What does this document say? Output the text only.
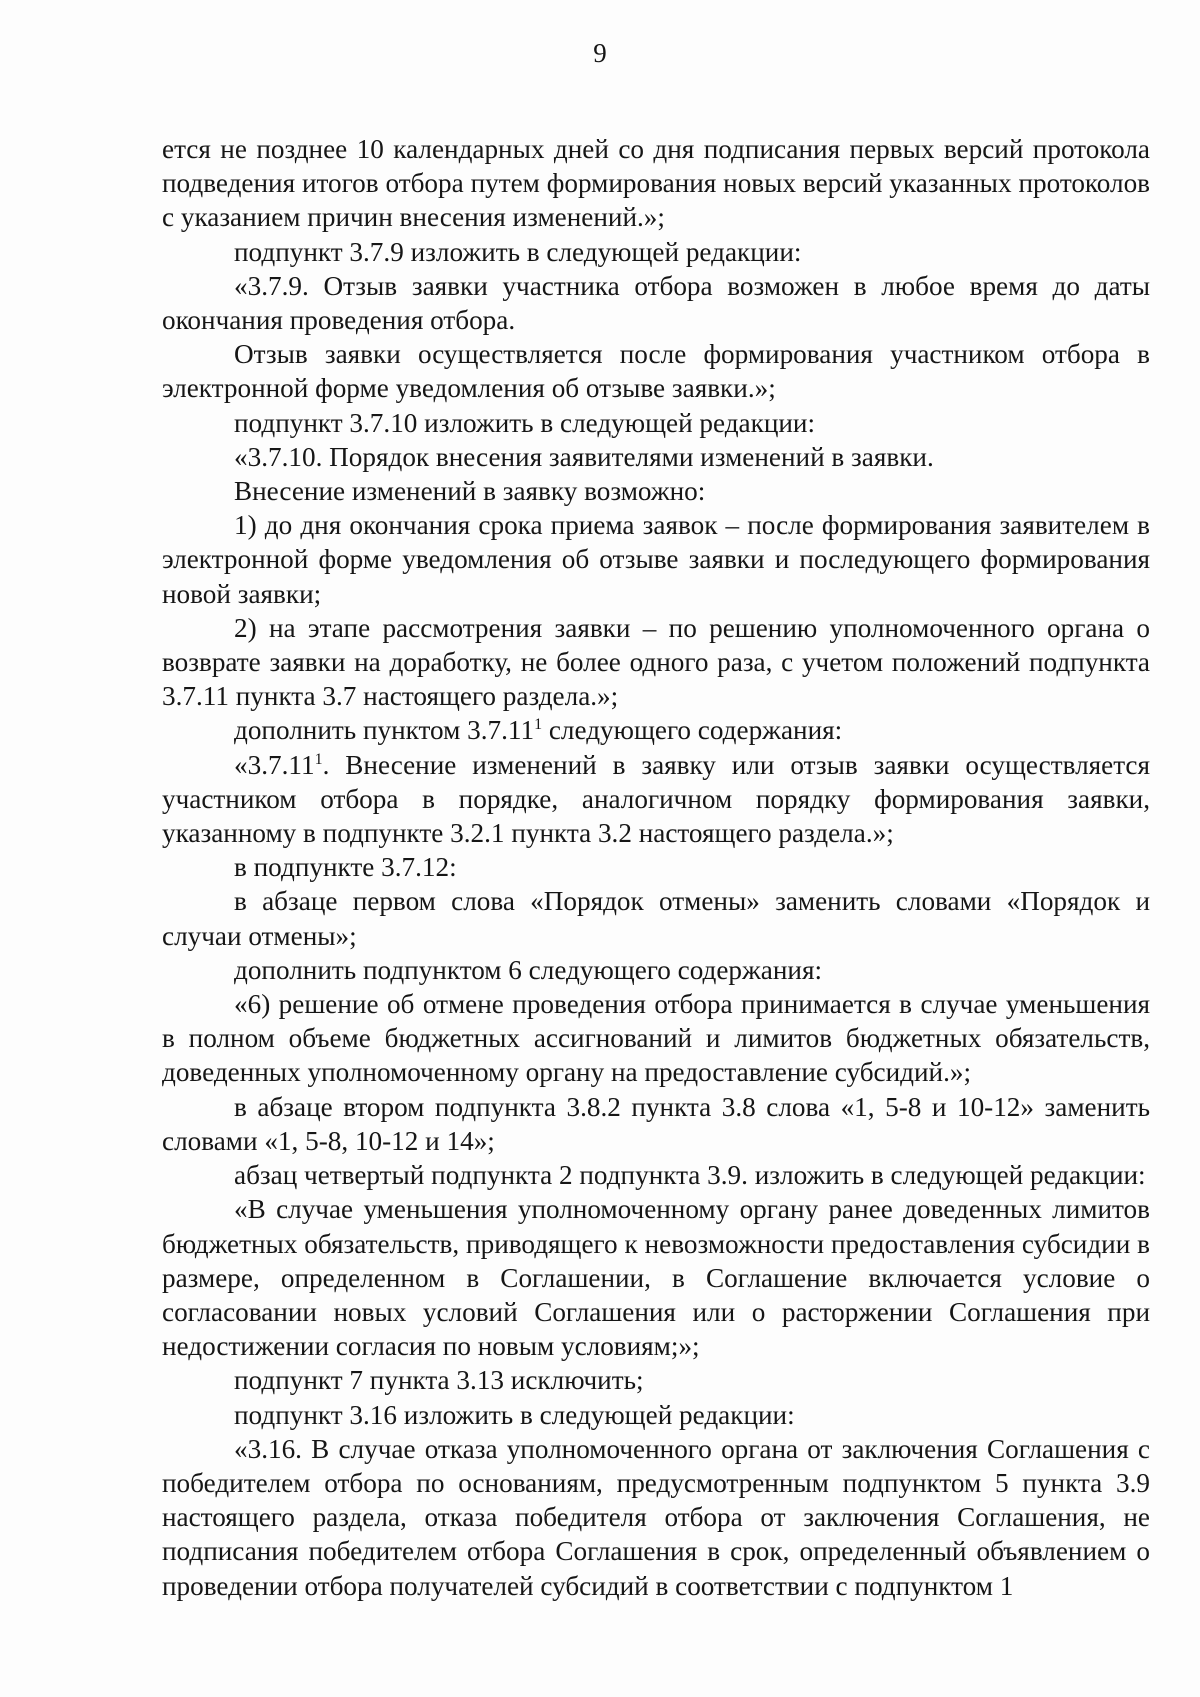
9

ется не позднее 10 календарных дней со дня подписания первых версий протокола подведения итогов отбора путем формирования новых версий указанных протоколов с указанием причин внесения изменений.»;

подпункт 3.7.9 изложить в следующей редакции:

«3.7.9. Отзыв заявки участника отбора возможен в любое время до даты окончания проведения отбора.

Отзыв заявки осуществляется после формирования участником отбора в электронной форме уведомления об отзыве заявки.»;

подпункт 3.7.10 изложить в следующей редакции:

«3.7.10. Порядок внесения заявителями изменений в заявки.

Внесение изменений в заявку возможно:

1) до дня окончания срока приема заявок – после формирования заявителем в электронной форме уведомления об отзыве заявки и последующего формирования новой заявки;

2) на этапе рассмотрения заявки – по решению уполномоченного органа о возврате заявки на доработку, не более одного раза, с учетом положений подпункта 3.7.11 пункта 3.7 настоящего раздела.»;

дополнить пунктом 3.7.11$^1$ следующего содержания:

«3.7.11$^1$. Внесение изменений в заявку или отзыв заявки осуществляется участником отбора в порядке, аналогичном порядку формирования заявки, указанному в подпункте 3.2.1 пункта 3.2 настоящего раздела.»;

в подпункте 3.7.12:

в абзаце первом слова «Порядок отмены» заменить словами «Порядок и случаи отмены»;

дополнить подпунктом 6 следующего содержания:

«6) решение об отмене проведения отбора принимается в случае уменьшения в полном объеме бюджетных ассигнований и лимитов бюджетных обязательств, доведенных уполномоченному органу на предоставление субсидий.»;

в абзаце втором подпункта 3.8.2 пункта 3.8 слова «1, 5-8 и 10-12» заменить словами «1, 5-8, 10-12 и 14»;

абзац четвертый подпункта 2 подпункта 3.9. изложить в следующей редакции:

«В случае уменьшения уполномоченному органу ранее доведенных лимитов бюджетных обязательств, приводящего к невозможности предоставления субсидии в размере, определенном в Соглашении, в Соглашение включается условие о согласовании новых условий Соглашения или о расторжении Соглашения при недостижении согласия по новым условиям;»;

подпункт 7 пункта 3.13 исключить;

подпункт 3.16 изложить в следующей редакции:

«3.16. В случае отказа уполномоченного органа от заключения Соглашения с победителем отбора по основаниям, предусмотренным подпунктом 5 пункта 3.9 настоящего раздела, отказа победителя отбора от заключения Соглашения, не подписания победителем отбора Соглашения в срок, определенный объявлением о проведении отбора получателей субсидий в соответствии с подпунктом 1
